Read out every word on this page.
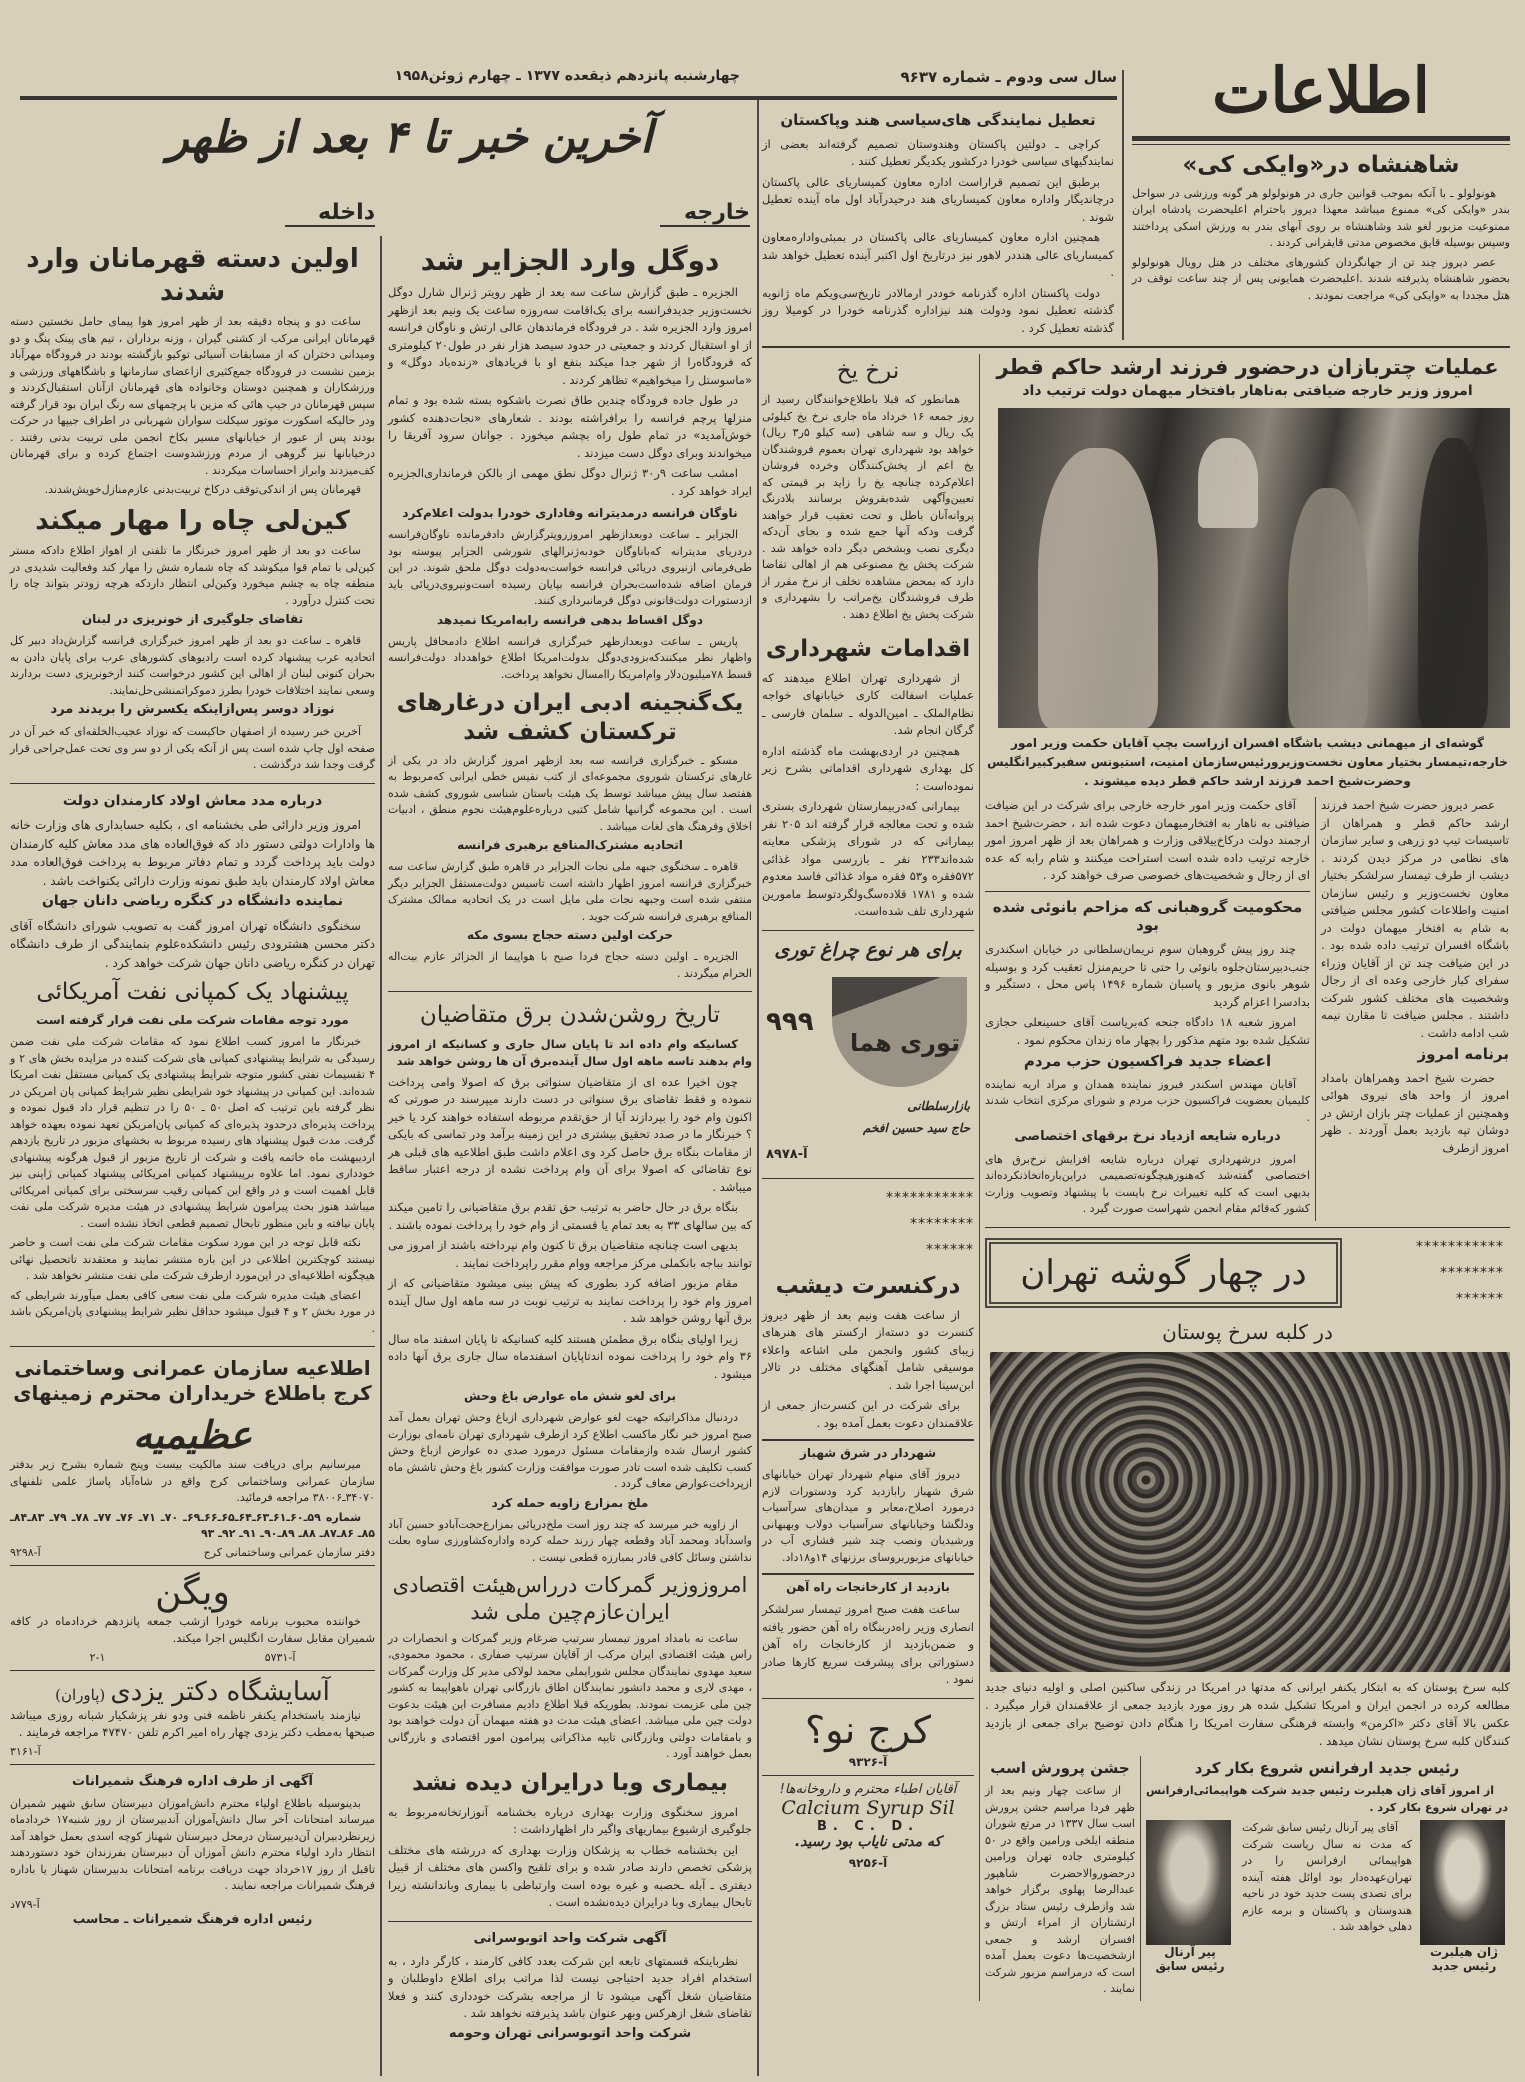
چهارشنبه پانزدهم ذیقعده ۱۳۷۷ ـ چهارم ژوئن۱۹۵۸	سال سی ودوم ـ شماره ۹۶۳۷
آخرین خبر تا ۴ بعد از ظهر
خارجه
داخله
تعطیل نمایندگی های‌سیاسی هند وپاکستان

کراچی ـ دولتین پاکستان وهندوستان تصمیم گرفته‌اند بعضی از نمایندگیهای سیاسی خودرا درکشور یکدیگر تعطیل کنند .

برطبق این تصمیم قراراست اداره معاون کمیساریای عالی پاکستان درچاندیگار واداره معاون کمیساریای هند درحیدرآباد اول ماه آینده تعطیل شوند .

همچنین اداره معاون کمیساریای عالی پاکستان در بمبئی‌واداره‌معاون کمیساریای عالی هنددر لاهور نیز درتاریخ اول اکتبر آینده تعطیل خواهد شد .

دولت پاکستان اداره گذرنامه خوددر ارمالادر تاریخ‌سی‌ویکم ماه ژانویه گذشته تعطیل نمود ودولت هند نیزاداره گذرنامه خودرا در کومیلا روز گذشته تعطیل کرد .

اطلاعات
شاهنشاه در«وایکی کی»

هونولولو ـ با آنکه بموجب قوانین جاری در هونولولو هر گونه ورزشی در سواحل بندر «وایکی کی» ممنوع میباشد معهذا دیروز باحترام اعلیحضرت پادشاه ایران ممنوعیت مزبور لغو شد وشاهنشاه بر روی آبهای بندر به ورزش اسکی پرداختند وسپس بوسیله قایق مخصوص مدتی قایقرانی کردند .

عصر دیروز چند تن از جهانگردان کشورهای مختلف در هتل رویال هونولولو بحضور شاهنشاه پذیرفته شدند .اعلیحضرت همایونی پس از چند ساعت توقف در هتل مجددا به «وایکی کی» مراجعت نمودند .

نرخ یخ

همانطور که قبلا باطلاع‌خوانندگان رسید از روز جمعه ۱۶ خرداد ماه جاری نرخ یخ کیلوئی یک ریال و سه شاهی (سه کیلو ۵ر۳ ریال) خواهد بود شهرداری تهران بعموم فروشندگان یخ اعم از پخش‌کنندگان وخرده فروشان اعلام‌کرده چنانچه یخ را زاید بر قیمتی که تعیین‌وآگهی شده‌بفروش برسانند بلادرنگ پروانه‌آنان باطل و تحت تعقیب قرار خواهند گرفت ودکه آنها جمع شده و بجای آن‌دکه دیگری نصب وبشخص دیگر داده خواهد شد . شرکت پخش یخ مصنوعی هم از اهالی تقاضا دارد که بمحض مشاهده تخلف از نرخ مقرر از طرف فروشندگان یخ‌مراتب را بشهرداری و شرکت پخش یخ اطلاع دهند .

اقدامات شهرداری

از شهرداری تهران اطلاع میدهند که عملیات اسفالت کاری خیابانهای خواجه نظام‌الملک ـ امین‌الدوله ـ سلمان فارسی ـ گرگان انجام شد.

همچنین در اردی‌بهشت ماه گذشته اداره کل بهداری شهرداری اقداماتی بشرح زیر نموده‌است :

بیمارانی که‌دربیمارستان شهرداری بستری شده و تحت معالجه قرار گرفته اند ۲۰۵ نفر بیمارانی که در شورای پزشکی معاینه شده‌اند۲۳۳ نفر ـ بازرسی مواد غذائی ۵۷۲فقره و۵۳ فقره مواد غذائی فاسد معدوم شده و ۱۷۸۱ قلاده‌سگ‌ولگردتوسط مامورین شهرداری تلف شده‌است.

برای هر نوع چراغ توری
توری هما
۹۹۹
بازارسلطانی
حاج سید حسین افخم
آ-۸۹۷۸
***********
********
******
درکنسرت دیشب

از ساعت هفت ونیم بعد از ظهر دیروز کنسرت دو دسته‌از ارکستر های هنرهای زیبای کشور وانجمن ملی اشاعه واعلاء موسیقی شامل آهنگهای مختلف در تالار ابن‌سینا اجرا شد .

برای شرکت در این کنسرت‌از جمعی از علاقمندان دعوت بعمل آمده بود .

شهردار در شرق شهباز

دیروز آقای منهام شهردار تهران خیابانهای شرق شهباز رابازدید کرد ودستورات لازم درمورد اصلاح،معابر و میدان‌های سرآسیاب ودلگشا وخیابانهای سرآسیاب دولاب وبهبهانی ورشیدیان ونصب چند شیر فشاری آب در خیابانهای مزبوربروسای برزنهای ۱۴و۱۸داد.

بازدید از کارخانجات راه آهن

ساعت هفت صبح امروز تیمسار سرلشکر انصاری وزیر راه‌دربنگاه راه آهن حضور یافته و ضمن‌بازدید از کارخانجات راه آهن دستوراتی برای پیشرفت سریع کارها صادر نمود .

کرج نو؟
آ-۹۳۲۶
آقایان اطباء محترم و داروخانه‌ها!
Calcium Syrup Sil
B. C. D.
که مدتی نایاب بود رسید.
آ-۹۲۵۶
عملیات چتربازان درحضور فرزند ارشد حاکم قطر
امروز وزیر خارجه ضیافتی به‌ناهار بافتخار میهمان دولت ترتیب داد
گوشه‌ای از میهمانی دیشب باشگاه افسران ازراست بچپ آقایان حکمت وزیر امور خارجه،تیمسار بختیار معاون نخست‌وزیرورئیس‌سازمان امنیت، استیونس سفیرکبیرانگلیس وحضرت‌شیخ احمد فرزند ارشد حاکم قطر دیده میشوند .

آقای حکمت وزیر امور خارجه خارجی برای شرکت در این ضیافت ضیافتی به ناهار به افتخارمیهمان دعوت شده اند ، حضرت‌شیخ احمد ارجمند دولت درکاخ‌ییلاقی وزارت و همراهان بعد از ظهر امروز امور خارجه ترتیب داده شده است استراحت میکنند و شام رابه که عده ای از رجال و شخصیت‌های خصوصی صرف خواهند کرد .

محکومیت گروهبانی که مزاحم بانوئی شده بود

چند روز پیش گروهبان سوم نریمان‌سلطانی در خیابان اسکندری جنب‌دبیرستان‌جلوه بانوئی را حتی تا حریم‌منزل تعقیب کرد و بوسیله شوهر بانوی مزبور و پاسبان شماره ۱۴۹۶ پاس محل ، دستگیر و بدادسرا اعزام گردید

امروز شعبه ۱۸ دادگاه جنحه که‌بریاست آقای حسینعلی حجازی تشکیل شده بود متهم مذکور را بچهار ماه زندان محکوم نمود .

اعضاء جدید فراکسیون حزب مردم

آقایان مهندس اسکندر فیروز نماینده همدان و مراد اریه نماینده کلیمیان بعضویت فراکسیون حزب مردم و شورای مرکزی انتخاب شدند .

درباره شایعه ازدیاد نرخ برقهای اختصاصی

امروز درشهرداری تهران درباره شایعه افزایش نرخ‌برق های اختصاصی گفته‌شد که‌هنوزهیچگونه‌تصمیمی دراین‌باره‌اتخاذنکرده‌اند بدیهی است که کلیه تغییرات نرخ بایست با پیشنهاد وتصویب وزارت کشور که‌قائم مقام انجمن شهراست صورت گیرد .

عصر دیروز حضرت شیخ احمد فرزند ارشد حاکم قطر و همراهان از تاسیسات تیپ دو زرهی و سایر سازمان های نظامی در مرکز دیدن کردند . دیشب از طرف تیمسار سرلشکر بختیار معاون نخست‌وزیر و رئیس سازمان امنیت واطلاعات کشور مجلس ضیافتی به شام به افتخار میهمان دولت در باشگاه افسران ترتیب داده شده بود . در این ضیافت چند تن از آقایان وزراء سفرای کبار خارجی وعده ای از رجال وشخصیت های مختلف کشور شرکت داشتند . مجلس ضیافت تا مقارن نیمه شب ادامه داشت .

برنامه امروز

حضرت شیخ احمد وهمراهان بامداد امروز از واحد های نیروی هوائی وهمچنین از عملیات چتر بازان ارتش در دوشان تپه بازدید بعمل آوردند . ظهر امروز ازطرف

در چهار گوشه تهران
***********
********
******
در کلبه سرخ پوستان
کلبه سرخ پوستان که به ابتکار یکنفر ایرانی که مدتها در امریکا در زندگی ساکنین اصلی و اولیه دنیای جدید مطالعه کرده در انجمن ایران و امریکا تشکیل شده هر روز مورد بازدید جمعی از علاقمندان قرار میگیرد . عکس بالا آقای دکتر «اکرمن» وابسته فرهنگی سفارت امریکا را هنگام دادن توضیح برای جمعی از بازدید کنندگان کلبه سرخ پوستان نشان میدهد .
جشن پرورش اسب

از ساعت چهار ونیم بعد از ظهر فردا مراسم جشن پرورش اسب سال ۱۳۳۷ در مرتع شوران منطقه ایلخی ورامین واقع در ۵۰ کیلومتری جاده تهران ورامین درحضوروالاحضرت شاهپور عبدالرضا پهلوی برگزار خواهد شد وازطرف رئیس ستاد بزرگ ارتشتاران از امراء ارتش و افسران ارشد و جمعی ازشخصیت‌ها دعوت بعمل آمده است که درمراسم مزبور شرکت نمایند .

رئیس جدید ارفرانس شروع بکار کرد

از امروز آقای ژان هیلبرت رئیس جدید شرکت هواپیمائی‌ارفرانس در تهران شروع بکار کرد .

پیر آرنال
رئیس سابق

آقای پیر آرنال رئیس سابق شرکت که مدت نه سال ریاست شرکت هواپیمائی ارفرانس را در تهران‌عهده‌دار بود اوائل هفته آینده برای تصدی پست جدید خود در ناحیه هندوستان و پاکستان و برمه عازم دهلی خواهد شد .

ژان هیلبرت
رئیس جدید
دوگل وارد الجزایر شد

الجزیره ـ طبق گزارش ساعت سه بعد از ظهر رویتر ژنرال شارل دوگل نخست‌وزیر جدیدفرانسه برای یک‌اقامت سه‌روزه ساعت یک ونیم بعد ازظهر امروز وارد الجزیره شد . در فرودگاه فرماندهان عالی ارتش و ناوگان فرانسه از او استقبال کردند و جمعیتی در حدود سیصد هزار نفر در طول۲۰ کیلومتری که فرودگاه‌را از شهر جدا میکند بنفع او با فریادهای «زنده‌باد دوگل» و «ماسوستل را میخواهیم» تظاهر کردند .

در طول جاده فرودگاه چندین طاق نصرت باشکوه بسته شده بود و تمام منزلها پرچم فرانسه را برافراشته بودند . شعارهای «نجات‌دهنده کشور خوش‌آمدید» در تمام طول راه بچشم میخورد . جوانان سرود آفریقا را میخواندند وبرای دوگل دست میزدند .

امشب ساعت ۹ر۳۰ ژنرال دوگل نطق مهمی از بالکن فرمانداری‌الجزیره ایراد خواهد کرد .

ناوگان فرانسه درمدیترانه وفاداری خودرا بدولت اعلام‌کرد

الجزایر ـ ساعت دوبعدازظهر امروزرویترگزارش دادفرمانده ناوگان‌فرانسه دردریای مدیترانه که‌باناوگان خودبه‌ژنرالهای شورشی الجزایر پیوسته بود طی‌فرمانی ازنیروی دریائی فرانسه خواست‌به‌دولت دوگل ملحق شوند. در این فرمان اضافه شده‌است‌بحران فرانسه بپایان رسیده است‌ونیروی‌دریائی باید ازدستورات دولت‌قانونی دوگل فرمانبرداری کنند.

دوگل اقساط بدهی فرانسه رابه‌امریکا نمیدهد

پاریس ـ ساعت دوبعدازظهر خبرگزاری فرانسه اطلاع دادمحافل پاریس واظهار نظر میکنندکه‌بزودی‌دوگل بدولت‌امریکا اطلاع خواهدداد دولت‌فرانسه قسط ۷۸میلیون‌دلار وام‌امریکا راامسال نخواهد پرداخت.

یک‌گنجینه ادبی ایران درغارهای ترکستان کشف شد

مسکو ـ خبرگزاری فرانسه سه بعد ازظهر امروز گزارش داد در یکی از غارهای ترکستان شوروی مجموعه‌ای از کتب نفیس خطی ایرانی که‌مربوط به هفتصد سال پیش میباشد توسط یک هیئت باستان شناسی شوروی کشف شده است . این مجموعه گرانبها شامل کتبی درباره‌علوم‌هیئت نجوم منطق ، ادبیات اخلاق وفرهنگ های لغات میباشد .

اتحادیه مشترک‌المنافع برهبری فرانسه

قاهره ـ سخنگوی جبهه ملی نجات الجزایر در قاهره طبق گزارش ساعت سه خبرگزاری فرانسه امروز اظهار داشته است تاسیس دولت‌مستقل الجزایر دیگر منتفی شده است وجبهه نجات ملی مایل است در یک اتحادیه ممالک مشترک المنافع برهبری فرانسه شرکت جوید .

حرکت اولین دسته حجاج بسوی مکه

الجزیره ـ اولین دسته حجاج فردا صبح با هواپیما از الجزائر عازم بیت‌اله الحرام میگردند .

تاریخ روشن‌شدن برق متقاضیان

کسانیکه وام داده اند تا پایان سال جاری و کسانیکه از امروز وام بدهند تاسه ماهه اول سال آینده‌برق آن ها روشن خواهد شد

چون اخیرا عده ای از متقاضیان سنواتی برق که اصولا وامی پرداخت ننموده و فقط تقاضای برق سنواتی در دست دارند میپرسند در صورتی که اکنون وام خود را بپردازند آیا از حق‌تقدم مربوطه استفاده خواهند کرد یا خیر ؟ خبرنگار ما در صدد تحقیق بیشتری در این زمینه برآمد ودر تماسی که بایکی از مقامات بنگاه برق حاصل کرد وی اعلام داشت طبق اطلاعیه های قبلی هر نوع تقاضائی که اصولا برای آن وام پرداخت نشده از درجه اعتبار ساقط میباشد .

بنگاه برق در حال حاضر به ترتیب حق تقدم برق متقاضیانی را تامین میکند که بین سالهای ۳۳ به بعد تمام یا قسمتی از وام خود را پرداخت نموده باشند .

بدیهی است چنانچه متقاضیان برق تا کنون وام نپرداخته باشند از امروز می توانند بباجه بانکملی مرکز مراجعه ووام مقرر راپرداخت نمایند .

مقام مزبور اضافه کرد بطوری که پیش بینی میشود متقاضیانی که از امروز وام خود را پرداخت نمایند به ترتیب نوبت در سه ماهه اول سال آینده برق آنها روشن خواهد شد .

زیرا اولیای بنگاه برق مطمئن هستند کلیه کسانیکه تا پایان اسفند ماه سال ۳۶ وام خود را پرداخت نموده اندتاپایان اسفندماه سال جاری برق آنها داده میشود .

برای لغو شش ماه عوارض باغ وحش

دردنبال مذاکراتیکه جهت لغو عوارض شهرداری ازباغ وحش تهران بعمل آمد صبح امروز خبر نگار ماکسب اطلاع کرد ازطرف شهرداری تهران نامه‌ای بوزارت کشور ارسال شده وازمقامات مسئول درمورد صدی ده عوارض ازباغ وحش کسب تکلیف شده است تادر صورت موافقت وزارت کشور باغ وحش تاشش ماه ازپرداخت‌عوارض معاف گردد .

ملخ بمزارع زاویه حمله کرد

از زاویه خبر میرسد که چند روز است ملخ‌دریائی بمزارع‌حجت‌آبادو حسین آباد واسدآباد ومحمد آباد وقطعه چهار زرند حمله کرده واداره‌کشاورزی ساوه بعلت نداشتن وسائل کافی قادر بمبارزه قطعی نیست .

امروزوزیر گمرکات درراس‌هیئت اقتصادی ایران‌عازم‌چین ملی شد

ساعت نه بامداد امروز تیمسار سرتیپ ضرغام وزیر گمرکات و انحصارات در راس هیئت اقتصادی ایران مرکب از آقایان سرتیپ صفاری ، محمود محمودی، سعید مهدوی نمایندگان مجلس شورایملی محمد لولاکی مدیر کل وزارت گمرکات ، مهدی لاری و محمد دانشور نمایندگان اطاق بازرگانی تهران باهواپیما به کشور چین ملی عزیمت نمودند. بطوریکه قبلا اطلاع دادیم مسافرت این هیئت بدعوت دولت چین ملی میباشد. اعضای هیئت مدت دو هفته میهمان آن دولت خواهند بود و بامقامات دولتی وبازرگانی تایپه مذاکراتی پیرامون امور اقتصادی و بازرگانی بعمل خواهند آورد .

بیماری وبا درایران دیده نشد

امروز سخنگوی وزارت بهداری درباره بخشنامه آنوزارتخانه‌مربوط به جلوگیری ازشیوع بیماریهای واگیر دار اظهارداشت :

این بخشنامه خطاب به پزشکان وزارت بهداری که دررشته های مختلف پزشکی تخصص دارند صادر شده و برای تلقیح واکسن های مختلف از قبیل دیفتری ـ آبله ـحصبه و غیره بوده است وارتباطی با بیماری وباندانشته زیرا تابحال بیماری وبا درایران دیده‌نشده است .

آگهی شرکت واحد اتوبوسرانی

نظرباینکه قسمتهای تابعه این شرکت بعدد کافی کارمند ، کارگر دارد ، به استخدام افراد جدید احتیاجی نیست لذا مراتب برای اطلاع داوطلبان و متقاضیان شغل آگهی میشود تا از مراجعه بشرکت خودداری کنند و فعلا تقاضای شغل ازهرکس وبهر عنوان باشد پذیرفته نخواهد شد .

شرکت واحد اتوبوسرانی تهران وحومه
اولین دسته قهرمانان وارد شدند

ساعت دو و پنجاه دقیقه بعد از ظهر امروز هوا پیمای حامل نخستین دسته قهرمانان ایرانی مرکب از کشتی گیران ، وزنه برداران ، تیم های پینک پنگ و دو ومیدانی دختران که از مسابقات آسیائی توکیو بازگشته بودند در فرودگاه مهرآباد بزمین نشست در فرودگاه جمع‌کثیری ازاعضای سازمانها و باشگاههای ورزشی و ورزشکاران و همچنین دوستان وخانواده های قهرمانان ازآنان استقبال‌کردند و سپس قهرمانان در جیپ هائی که مزین با پرچمهای سه رنگ ایران بود قرار گرفته ودر حالیکه اسکورت موتور سیکلت سواران شهربانی در اطراف جیپها در حرکت بودند پس از عبور از خیابانهای مسیر بکاخ انجمن ملی تربیت بدنی رفتند . درخیابانها نیز گروهی از مردم ورزشدوست اجتماع کرده و برای قهرمانان کف‌میزدند وابراز احساسات میکردند .

قهرمانان پس از اندکی‌توقف درکاخ تربیت‌بدنی عازم‌منازل‌خویش‌شدند.

کین‌لی چاه را مهار میکند

ساعت دو بعد از ظهر امروز خبرنگار ما تلفنی از اهواز اطلاع داد‌که مستر کین‌لی با تمام قوا میکوشد که چاه شماره شش را مهار کند وفعالیت شدیدی در منطقه چاه به چشم میخورد وکین‌لی انتظار داردکه هرچه زودتر بتواند چاه را تحت کنترل درآورد .

تقاضای جلوگیری از خونریزی در لبنان

قاهره ـ ساعت دو بعد از ظهر امروز خبرگزاری فرانسه گزارش‌داد دبیر کل اتحادیه عرب پیشنهاد کرده است رادیوهای کشورهای عرب برای پایان دادن به بحران کنونی لبنان از اهالی این کشور درخواست کنند ازخونریزی دست بردارند وسعی نمایند اختلافات خودرا بطرز دموکراتمنشی‌حل‌نمایند.

نوزاد دوسر پس‌ازاینکه یکسرش را بریدند مرد

آخرین خبر رسیده از اصفهان حاکیست که نوزاد عجیب‌الخلقه‌ای که خبر آن در صفحه اول چاپ شده است پس از آنکه یکی از دو سر وی تحت عمل‌جراحی قرار گرفت وجدا شد درگذشت .

درباره مدد معاش اولاد کارمندان دولت

امروز وزیر دارائی طی بخشنامه ای ، بکلیه حسابداری های وزارت خانه ها وادارات دولتی دستور داد که فوق‌العاده های مدد معاش کلیه کارمندان دولت باید پرداخت گردد و تمام دفاتر مربوط به پرداخت فوق‌العاده مدد معاش اولاد کارمندان باید طبق نمونه وزارت دارائی یکنواخت باشد .

نماینده دانشگاه در کنگره ریاضی دانان جهان

سخنگوی دانشگاه تهران امروز گفت به تصویب شورای دانشگاه آقای دکتر محسن هشترودی رئیس دانشکده‌علوم بنمایندگی از طرف دانشگاه تهران در کنگره ریاضی دانان جهان شرکت خواهد کرد .

پیشنهاد یک کمپانی نفت آمریکائی
مورد توجه مقامات شرکت ملی نفت قرار گرفته است

خبرنگار ما امروز کسب اطلاع نمود که مقامات شرکت ملی نفت ضمن رسیدگی به شرایط پیشنهادی کمپانی های شرکت کننده در مزایده بخش های ۲ و ۴ تقسیمات نفتی کشور متوجه شرایط پیشنهادی یک کمپانی مستقل نفت امریکا شده‌اند. این کمپانی در پیشنهاد خود شرایطی نظیر شرایط کمپانی پان امریکن در نظر گرفته باین ترتیب که اصل ۵۰ ـ ۵۰ را در تنظیم قرار داد قبول نموده و پرداخت پذیره‌ای درحدود پذیره‌ای که کمپانی پان‌امریکن تعهد نموده بعهده خواهد گرفت. مدت قبول پیشنهاد های رسیده مربوط به بخشهای مزبور در تاریخ یازدهم اردیبهشت ماه خاتمه یافت و شرکت از تاریخ مزبور از قبول هرگونه پیشنهادی خودداری نمود. اما علاوه برپیشنهاد کمپانی امریکائی پیشنهاد کمپانی ژاپنی نیز قابل اهمیت است و در واقع این کمپانی رقیب سرسختی برای کمپانی امریکائی میباشد هنوز بحث پیرامون شرایط پیشنهادی در هیئت مدیره شرکت ملی نفت پایان نیافته و باین منظور تابحال تصمیم قطعی اتخاذ نشده است .

نکته قابل توجه در این مورد سکوت مقامات شرکت ملی نفت است و حاضر نیستند کوچکترین اطلاعی در این باره منتشر نمایند و معتقدند تاتحصیل نهائی هیچگونه اطلاعیه‌ای در این‌مورد ازطرف شرکت ملی نفت منتشر نخواهد شد .

اعضای هیئت مدیره شرکت ملی نفت سعی کافی بعمل میآورند شرایطی که در مورد بخش ۲ و ۴ قبول میشود حداقل نظیر شرایط پیشنهادی پان‌امریکن باشد .

اطلاعیه سازمان عمرانی وساختمانی کرج باطلاع خریداران محترم زمینهای
عظیمیه

میرسانیم برای دریافت سند مالکیت بیست وپنج شماره بشرح زیر بدفتر سازمان عمرانی وساختمانی کرج واقع در شاه‌آباد پاساژ علمی تلفنهای ۳۴۰۷۰ـ۳۸۰۰۶ مراجعه فرمائید.

شماره ۵۹ـ۶۰ـ۶۱ـ۶۳ـ۶۴ـ۶۵ـ۶۶ـ۶۹ـ ۷۰ـ ۷۱ـ ۷۶ـ ۷۷ـ ۷۸ـ ۷۹ـ ۸۳ـ۸۴ـ ۸۵ـ ۸۶ـ۸۷ـ ۸۸ـ ۸۹ـ۹۰ـ ۹۱ـ ۹۲ـ ۹۳

دفتر سازمان عمرانی وساختمانی کرج
آ-۹۲۹۸
ویگن

خواننده محبوب برنامه خودرا ازشب جمعه پانزدهم خردادماه در کافه شمیران مقابل سفارت انگلیس اجرا میکند.

آ-۵۷۳۱
۲-۱
آسایشگاه دکتر یزدی (پاوران)

نیازمند باستخدام یکنفر ناظمه فنی ودو نفر پزشکیار شبانه روزی میباشد صبحها به‌مطب دکتر یزدی چهار راه امیر اکرم تلفن ۴۷۴۷۰ مراجعه فرمایند .

آ-۳۱۶۱
آگهی از طرف اداره فرهنگ شمیرانات

بدینوسیله باطلاع اولیاء محترم دانش‌اموزان دبیرستان سابق شهپر شمیران میرساند امتحانات آخر سال دانش‌آموزان آندبیرستان از روز شنبه۱۷ خردادماه زیرنظردبیران آن‌دبیرستان درمحل دبیرستان شهناز کوچه اسدی بعمل خواهد آمد انتظار دارد اولیاء محترم دانش آموزان آن دبیرستان بفرزندان خود دستوردهند تاقبل از روز ۱۷خرداد جهت دریافت برنامه امتحانات بدبیرستان شهناز یا باداره فرهنگ شمیرانات مراجعه نمایند .

آ-۷۷۹د
رئیس اداره فرهنگ شمیرانات ـ محاسب
